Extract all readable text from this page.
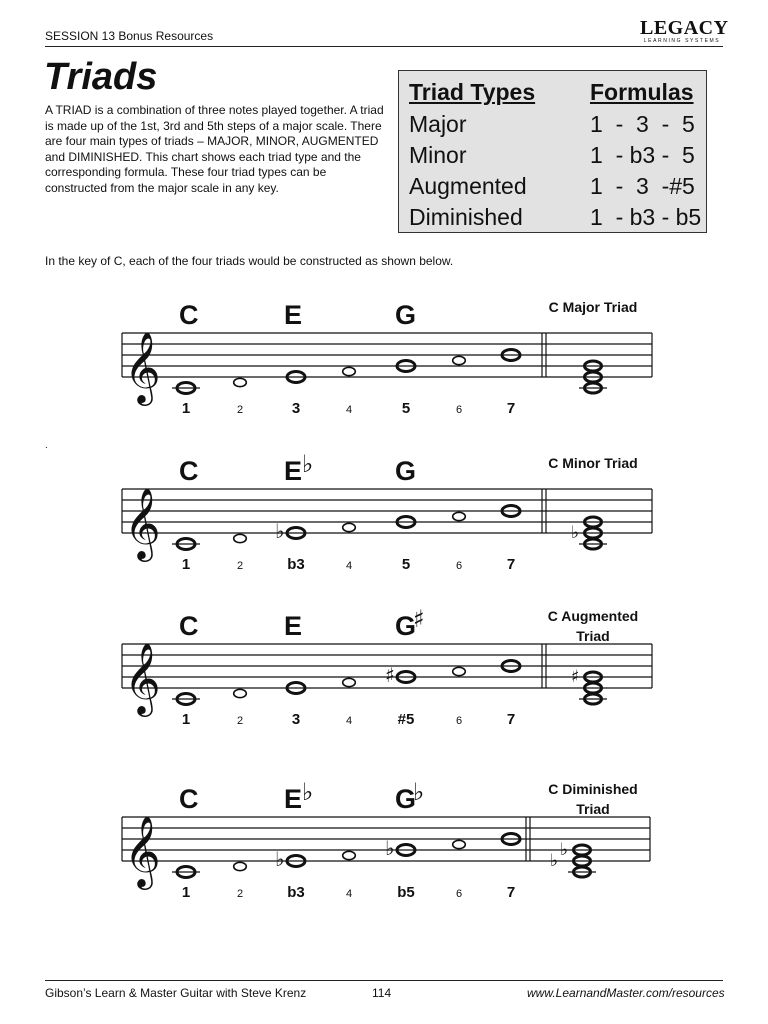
SESSION 13 Bonus Resources	LEGACY
LEARNING SYSTEMS
Triads
A TRIAD is a combination of three notes played together. A triad is made up of the 1st, 3rd and 5th steps of a major scale. There are four main types of triads – MAJOR, MINOR, AUGMENTED and DIMINISHED. This chart shows each triad type and the corresponding formula. These four triad types can be constructed from the major scale in any key.
Triad Types Formulas
Major	1  -  3  -  5
Minor	1  - b3 -  5
Augmented	1  -  3  -#5
Diminished	1  - b3 - b5
In the key of C, each of the four triads would be constructed as shown below.
.
𝄞
C	E	G	C Major Triad
1	2	3	4	5	6	7
𝄞
C	E ♭	G	C Minor Triad
1	2
♭
b3	4	5	6	7
♭
𝄞
C	E	G
♯	C Augmented
Triad
1	2	3	4
♯
#5	6	7
♯
𝄞
C	E ♭	G
♭	C Diminished
Triad
1	2
♭
b3	4
♭
b5	6	7
♭
♭
Gibson’s Learn & Master Guitar with Steve Krenz	114	www.LearnandMaster.com/resources
